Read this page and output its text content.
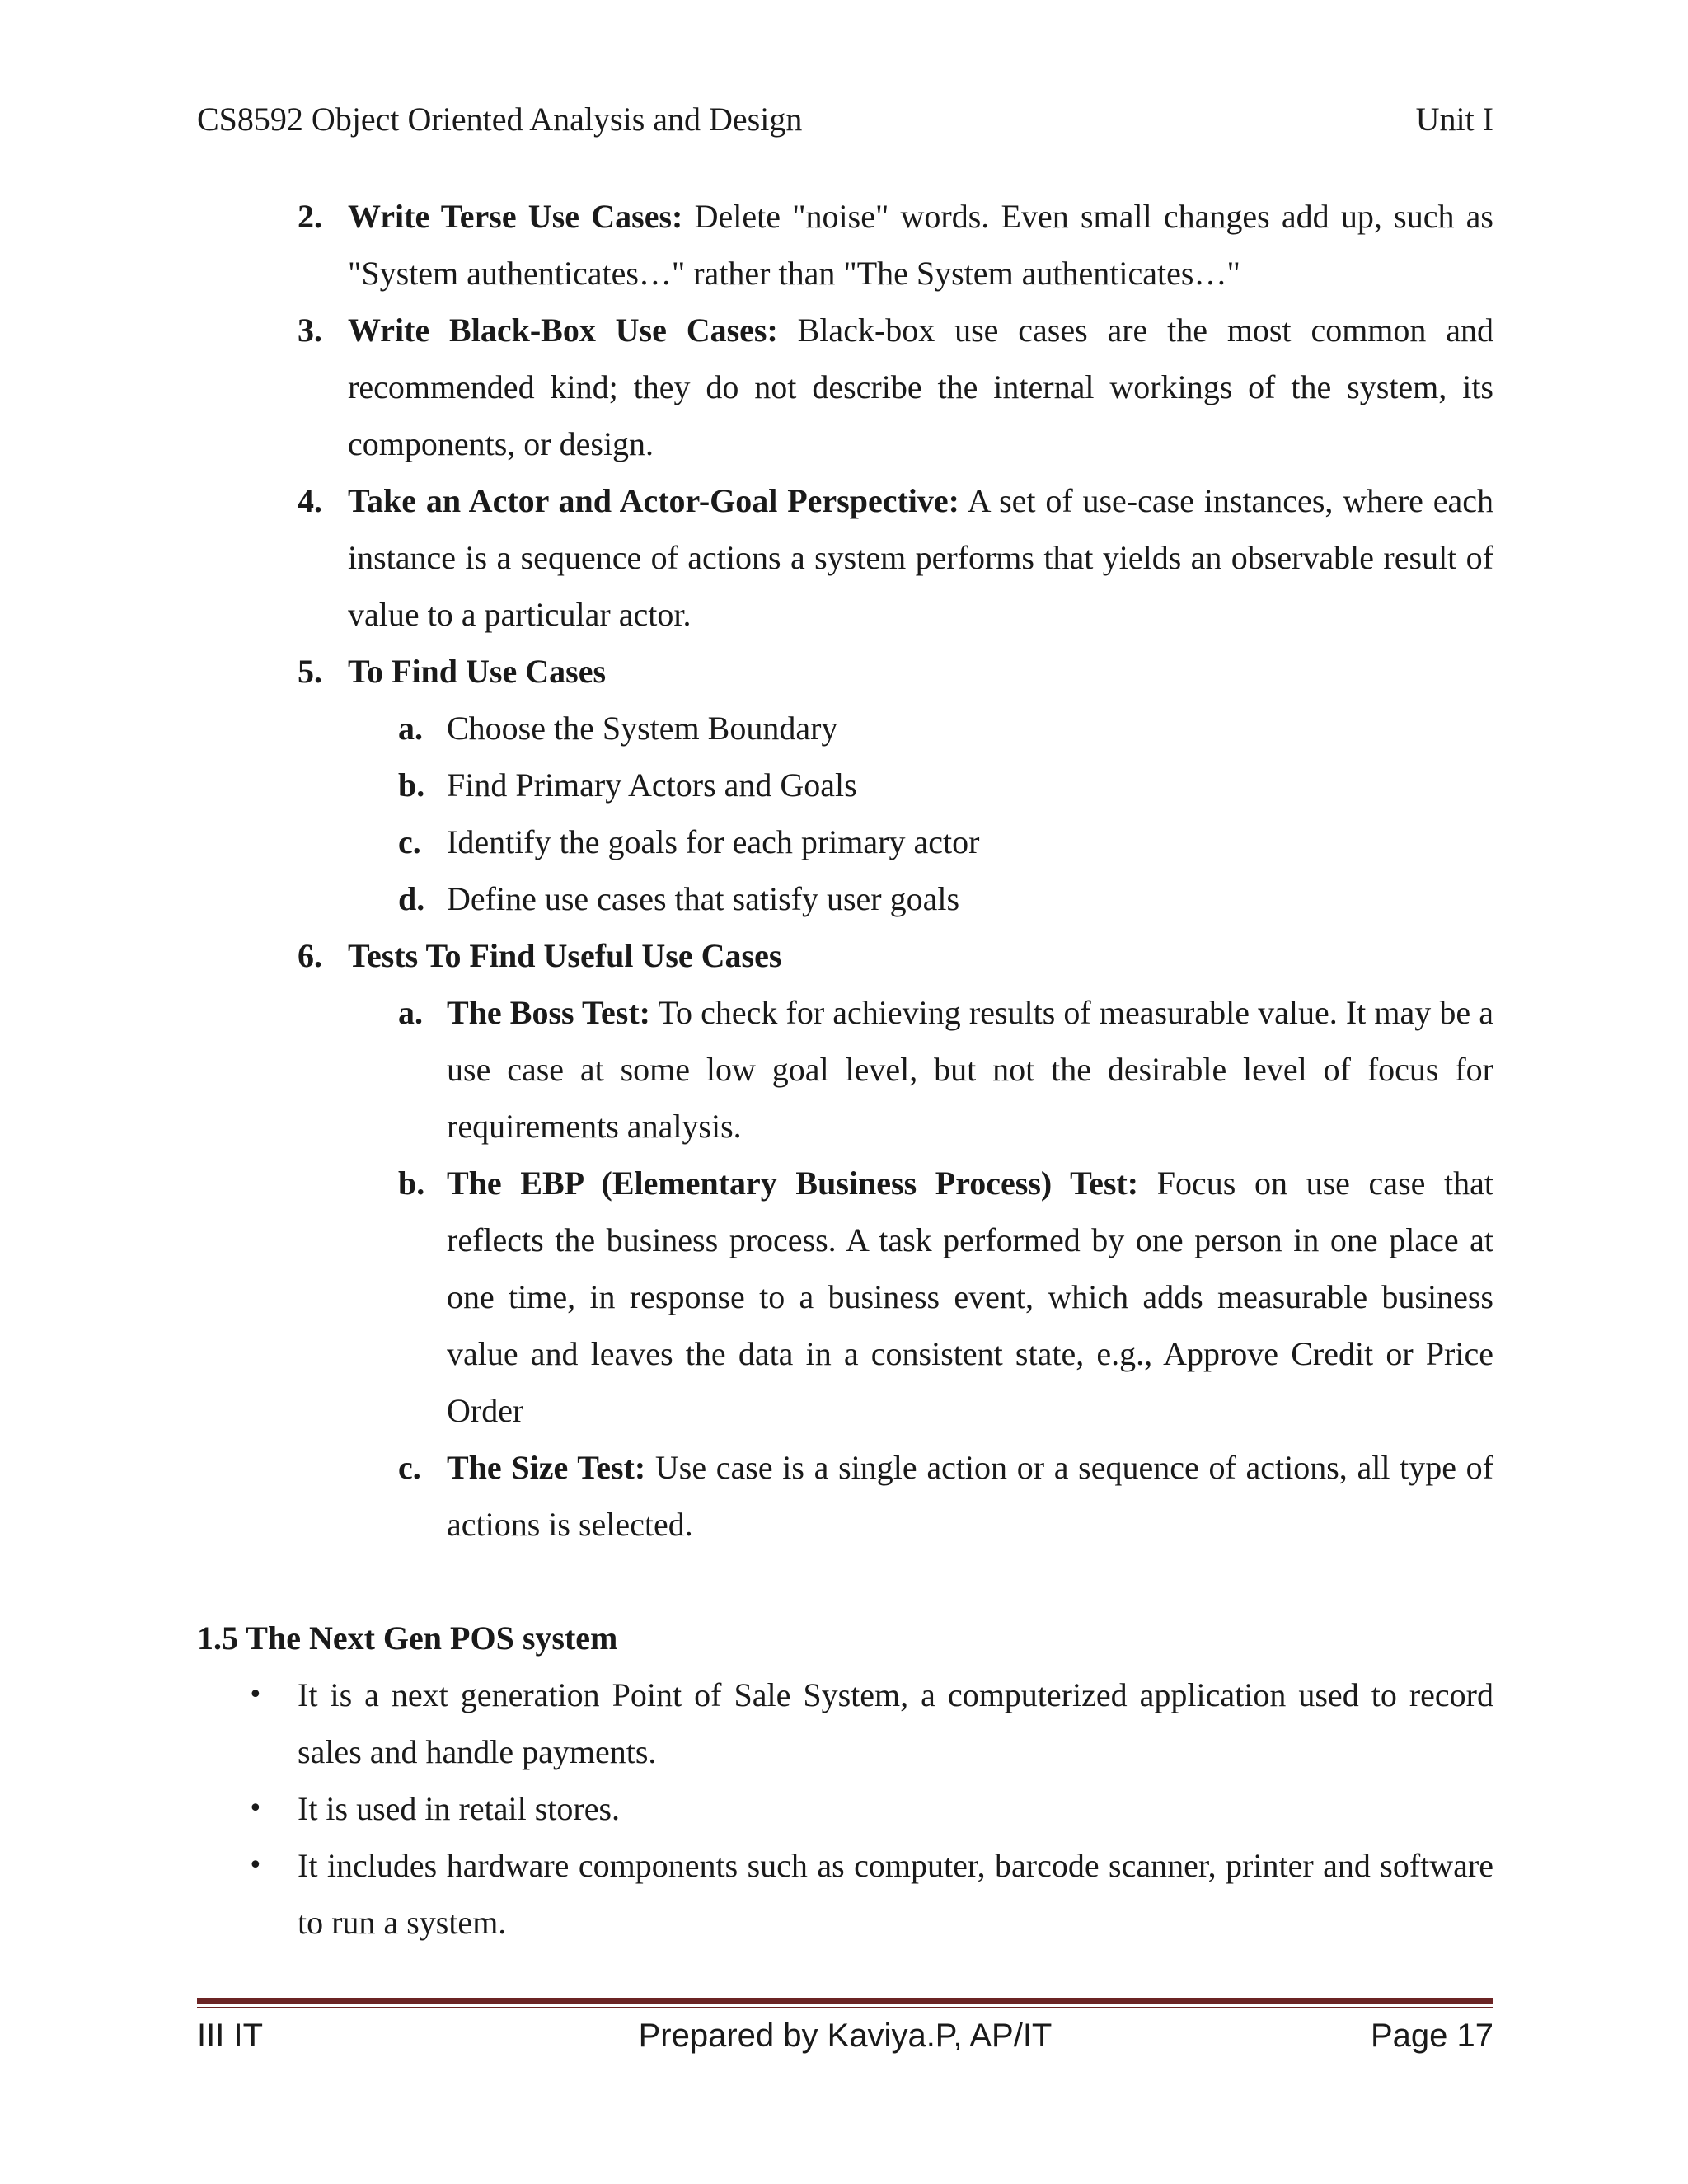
CS8592 Object Oriented Analysis and Design	Unit I
2. Write Terse Use Cases: Delete "noise" words. Even small changes add up, such as "System authenticates…" rather than "The System authenticates…"
3. Write Black-Box Use Cases: Black-box use cases are the most common and recommended kind; they do not describe the internal workings of the system, its components, or design.
4. Take an Actor and Actor-Goal Perspective: A set of use-case instances, where each instance is a sequence of actions a system performs that yields an observable result of value to a particular actor.
5. To Find Use Cases
a. Choose the System Boundary
b. Find Primary Actors and Goals
c. Identify the goals for each primary actor
d. Define use cases that satisfy user goals
6. Tests To Find Useful Use Cases
a. The Boss Test: To check for achieving results of measurable value. It may be a use case at some low goal level, but not the desirable level of focus for requirements analysis.
b. The EBP (Elementary Business Process) Test: Focus on use case that reflects the business process. A task performed by one person in one place at one time, in response to a business event, which adds measurable business value and leaves the data in a consistent state, e.g., Approve Credit or Price Order
c. The Size Test: Use case is a single action or a sequence of actions, all type of actions is selected.
1.5 The Next Gen POS system
• It is a next generation Point of Sale System, a computerized application used to record sales and handle payments.
• It is used in retail stores.
• It includes hardware components such as computer, barcode scanner, printer and software to run a system.
III IT	Prepared by Kaviya.P, AP/IT	Page 17
